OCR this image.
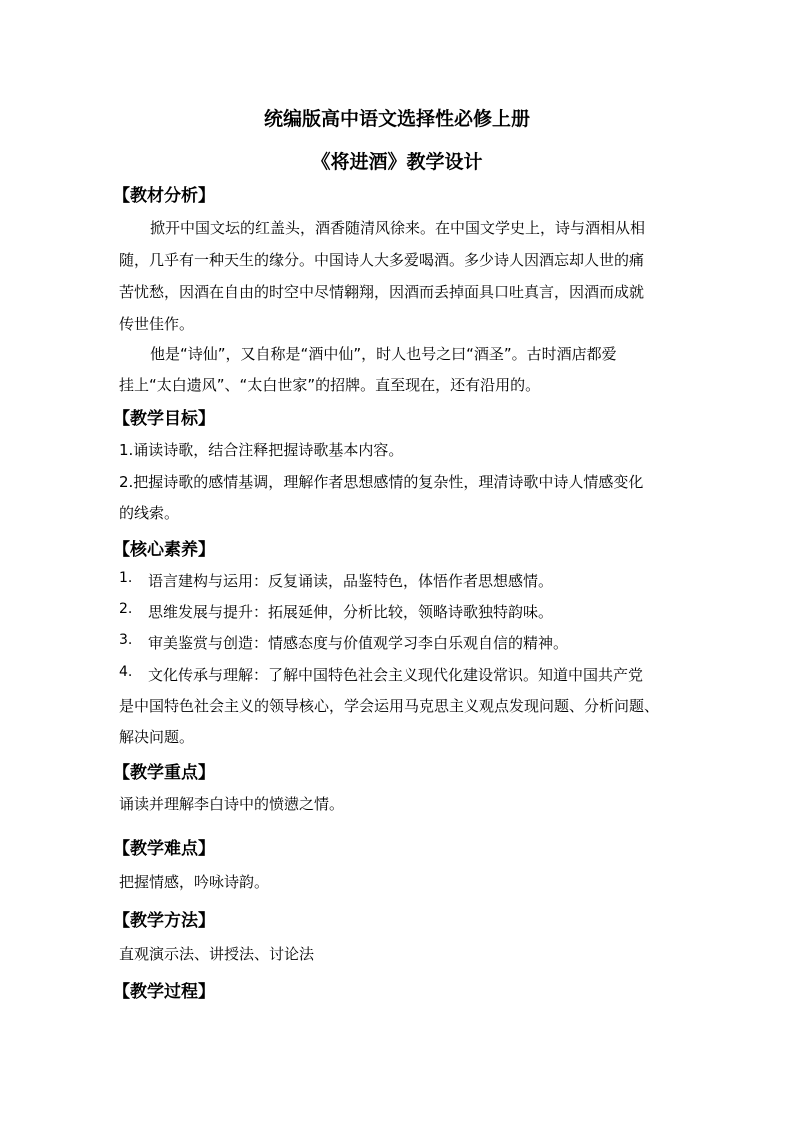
统编版高中语文选择性必修上册
《将进酒》教学设计
【教材分析】
掀开中国文坛的红盖头，酒香随清风徐来。在中国文学史上，诗与酒相从相
随，几乎有一种天生的缘分。中国诗人大多爱喝酒。多少诗人因酒忘却人世的痛
苦忧愁，因酒在自由的时空中尽情翱翔，因酒而丢掉面具口吐真言，因酒而成就
传世佳作。
他是“诗仙”，又自称是“酒中仙”，时人也号之曰“酒圣”。古时酒店都爱
挂上“太白遗风”、“太白世家”的招牌。直至现在，还有沿用的。
【教学目标】
1.诵读诗歌，结合注释把握诗歌基本内容。
2.把握诗歌的感情基调，理解作者思想感情的复杂性，理清诗歌中诗人情感变化
的线索。
【核心素养】
1. 语言建构与运用：反复诵读，品鉴特色，体悟作者思想感情。
2. 思维发展与提升：拓展延伸，分析比较，领略诗歌独特韵味。
3. 审美鉴赏与创造：情感态度与价值观学习李白乐观自信的精神。
4. 文化传承与理解：了解中国特色社会主义现代化建设常识。知道中国共产党
是中国特色社会主义的领导核心，学会运用马克思主义观点发现问题、分析问题、
解决问题。
【教学重点】
诵读并理解李白诗中的愤懑之情。
【教学难点】
把握情感，吟咏诗韵。
【教学方法】
直观演示法、讲授法、讨论法
【教学过程】
